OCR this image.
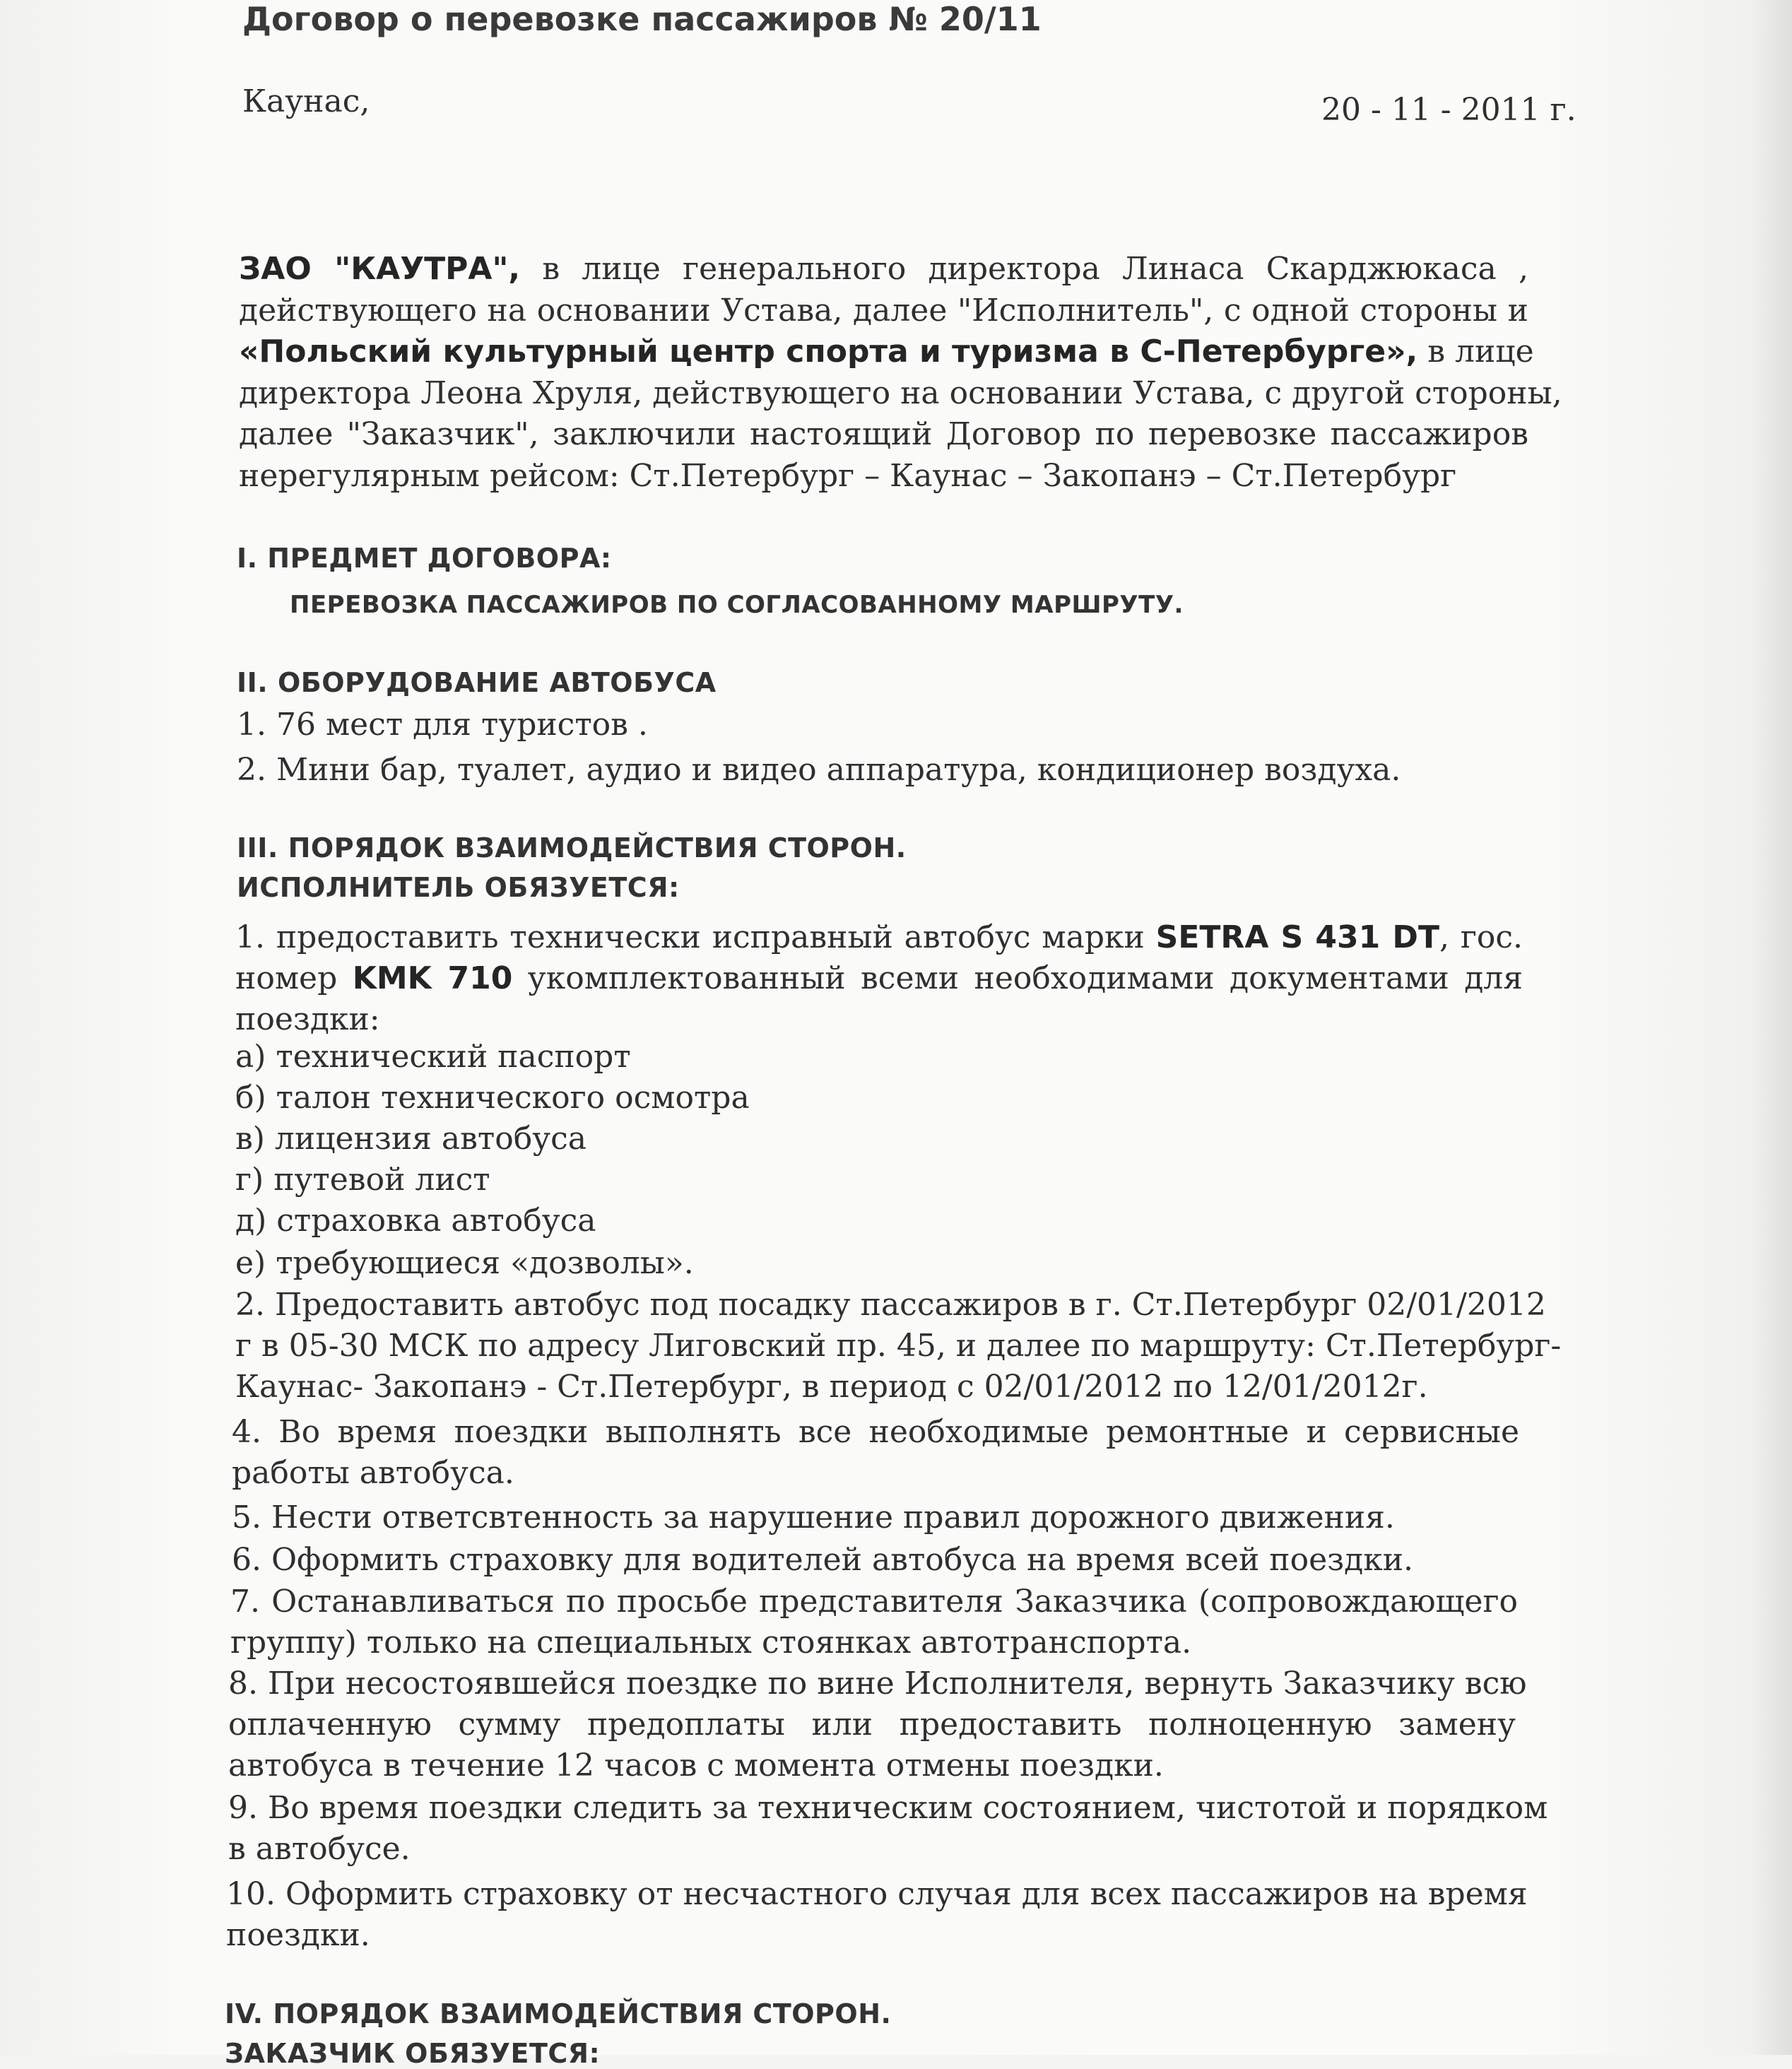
Договор о перевозке пассажиров № 20/11
Каунас,	20 - 11 - 2011 г.
ЗАО "КАУТРА", в лице генерального директора Линаса Скарджюкаса ,
действующего на основании Устава, далее "Исполнитель", с одной стороны и
«Польский культурный центр спорта и туризма в С-Петербурге», в лице
директора Леона Хруля, действующего на основании Устава, с другой стороны,
далее "Заказчик", заключили настоящий Договор по перевозке пассажиров
нерегулярным рейсом: Ст.Петербург – Каунас – Закопанэ – Ст.Петербург
I. ПРЕДМЕТ ДОГОВОРА:
ПЕРЕВОЗКА ПАССАЖИРОВ ПО СОГЛАСОВАННОМУ МАРШРУТУ.
II. ОБОРУДОВАНИЕ АВТОБУСА
1. 76 мест для туристов .
2. Мини бар, туалет, аудио и видео аппаратура, кондиционер воздуха.
III. ПОРЯДОК ВЗАИМОДЕЙСТВИЯ СТОРОН.
ИСПОЛНИТЕЛЬ ОБЯЗУЕТСЯ:
1. предоставить технически исправный автобус марки SETRA S 431 DT, гос.
номер KMK 710 укомплектованный всеми необходимами документами для
поездки:
а) технический паспорт
б) талон технического осмотра
в) лицензия автобуса
г) путевой лист
д) страховка автобуса
е) требующиеся «дозволы».
2. Предоставить автобус под посадку пассажиров в г. Ст.Петербург 02/01/2012
г в 05-30 МСК по адресу Лиговский пр. 45, и далее по маршруту: Ст.Петербург-
Каунас- Закопанэ - Ст.Петербург, в период с 02/01/2012 по 12/01/2012г.
4. Во время поездки выполнять все необходимые ремонтные и сервисные
работы автобуса.
5. Нести ответсвтенность за нарушение правил дорожного движения.
6. Оформить страховку для водителей автобуса на время всей поездки.
7. Останавливаться по просьбе представителя Заказчика (сопровождающего
группу) только на специальных стоянках автотранспорта.
8. При несостоявшейся поездке по вине Исполнителя, вернуть Заказчику всю
оплаченную сумму предоплаты или предоставить полноценную замену
автобуса в течение 12 часов с момента отмены поездки.
9. Во время поездки следить за техническим состоянием, чистотой и порядком
в автобусе.
10. Оформить страховку от несчастного случая для всех пассажиров на время
поездки.
IV. ПОРЯДОК ВЗАИМОДЕЙСТВИЯ СТОРОН.
ЗАКАЗЧИК ОБЯЗУЕТСЯ:
